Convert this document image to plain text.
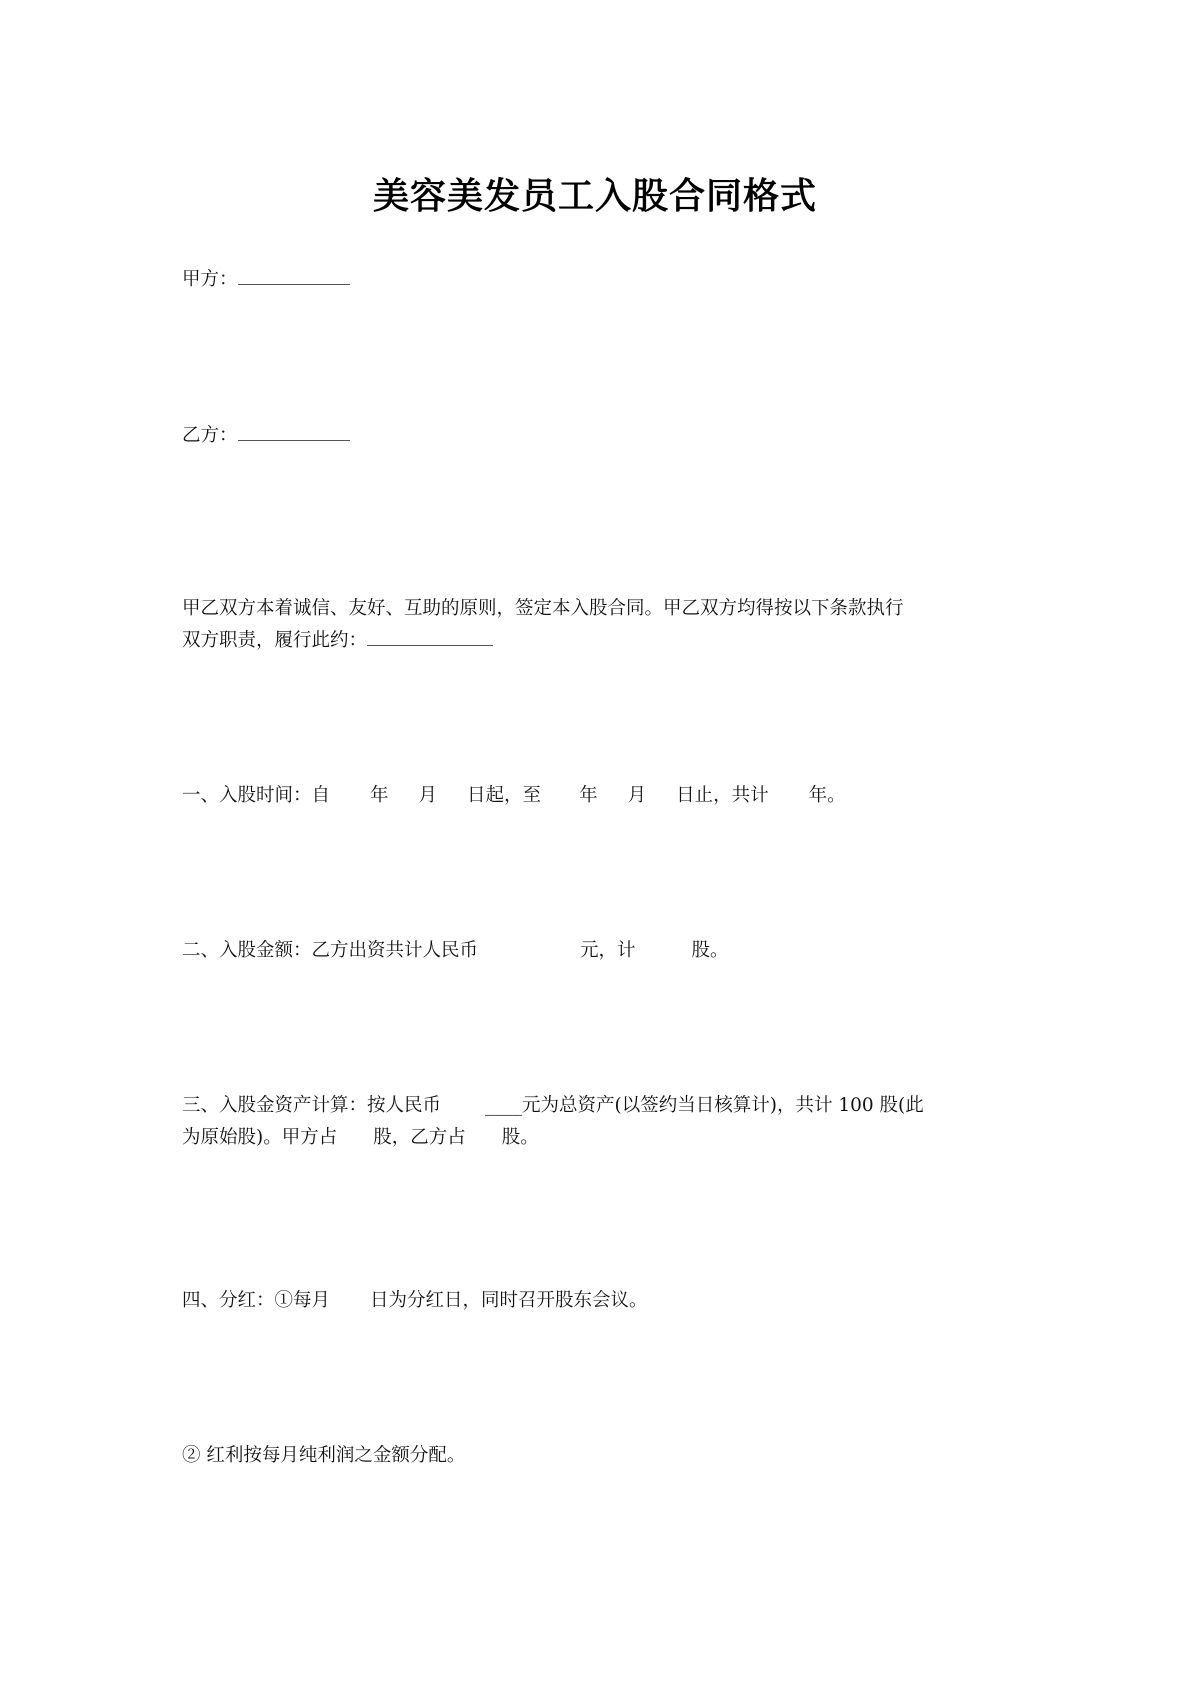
美容美发员工入股合同格式
甲方：
乙方：
甲乙双方本着诚信、友好、互助的原则，签定本入股合同。甲乙双方均得按以下条款执行
双方职责，履行此约：
一、入股时间：自 年 月 日起，至 年 月 日止，共计 年。
二、入股金额：乙方出资共计人民币	元，计	股。
三、入股金资产计算：按人民币 ____元为总资产(以签约当日核算计)，共计 100 股(此
为原始股)。甲方占 股，乙方占 股。
四、分红：①每月 日为分红日，同时召开股东会议。
② 红利按每月纯利润之金额分配。
